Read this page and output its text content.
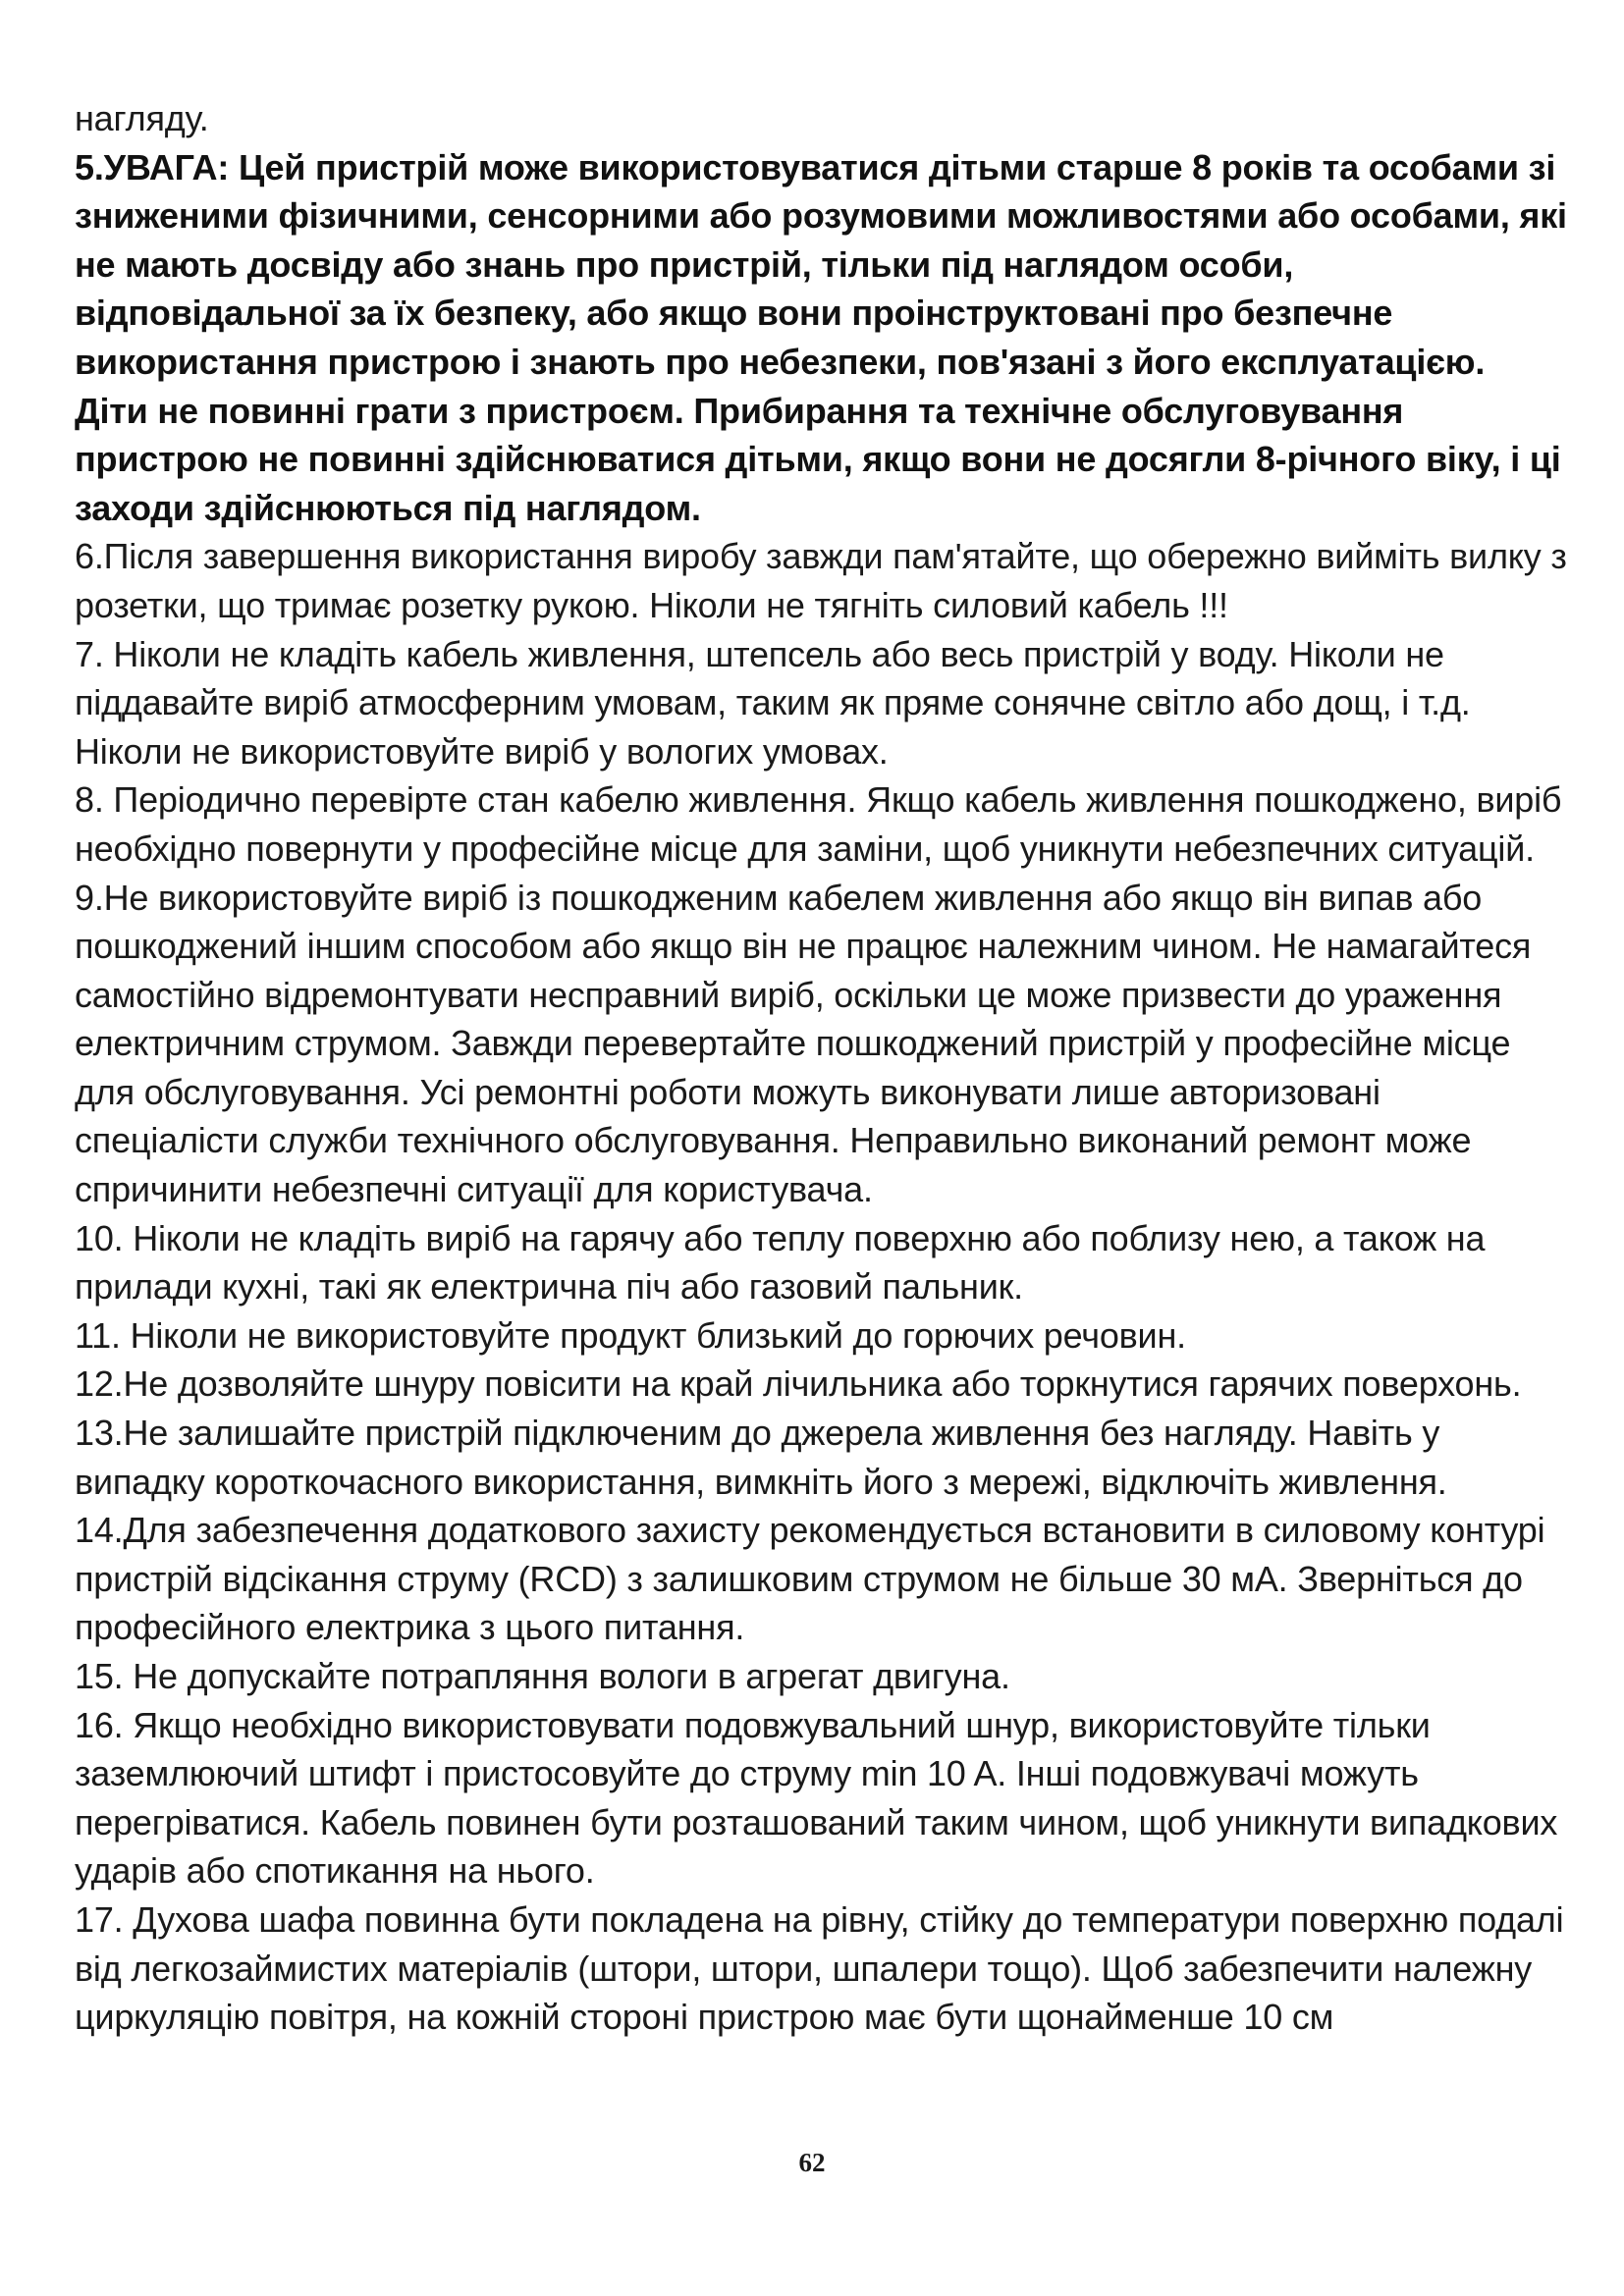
нагляду.

5.УВАГА: Цей пристрій може використовуватися дітьми старше 8 років та особами зі зниженими фізичними, сенсорними або розумовими можливостями або особами, які не мають досвіду або знань про пристрій, тільки під наглядом особи, відповідальної за їх безпеку, або якщо вони проінструктовані про безпечне використання пристрою і знають про небезпеки, пов'язані з його експлуатацією. Діти не повинні грати з пристроєм. Прибирання та технічне обслуговування пристрою не повинні здійснюватися дітьми, якщо вони не досягли 8-річного віку, і ці заходи здійснюються під наглядом.

6.Після завершення використання виробу завжди пам'ятайте, що обережно вийміть вилку з розетки, що тримає розетку рукою. Ніколи не тягніть силовий кабель !!!

7. Ніколи не кладіть кабель живлення, штепсель або весь пристрій у воду. Ніколи не піддавайте виріб атмосферним умовам, таким як пряме сонячне світло або дощ, і т.д. Ніколи не використовуйте виріб у вологих умовах.

8. Періодично перевірте стан кабелю живлення. Якщо кабель живлення пошкоджено, виріб необхідно повернути у професійне місце для заміни, щоб уникнути небезпечних ситуацій.

9.Не використовуйте виріб із пошкодженим кабелем живлення або якщо він випав або пошкоджений іншим способом або якщо він не працює належним чином. Не намагайтеся самостійно відремонтувати несправний виріб, оскільки це може призвести до ураження електричним струмом. Завжди перевертайте пошкоджений пристрій у професійне місце для обслуговування. Усі ремонтні роботи можуть виконувати лише авторизовані спеціалісти служби технічного обслуговування. Неправильно виконаний ремонт може спричинити небезпечні ситуації для користувача.

10. Ніколи не кладіть виріб на гарячу або теплу поверхню або поблизу нею, а також на прилади кухні, такі як електрична піч або газовий пальник.

11. Ніколи не використовуйте продукт близький до горючих речовин.

12.Не дозволяйте шнуру повісити на край лічильника або торкнутися гарячих поверхонь.

13.Не залишайте пристрій підключеним до джерела живлення без нагляду. Навіть у випадку короткочасного використання, вимкніть його з мережі, відключіть живлення.

14.Для забезпечення додаткового захисту рекомендується встановити в силовому контурі пристрій відсікання струму (RCD) з залишковим струмом не більше 30 мА. Зверніться до професійного електрика з цього питання.

15. Не допускайте потрапляння вологи в агрегат двигуна.

16. Якщо необхідно використовувати подовжувальний шнур, використовуйте тільки заземлюючий штифт і пристосовуйте до струму min 10 A. Інші подовжувачі можуть перегріватися. Кабель повинен бути розташований таким чином, щоб уникнути випадкових ударів або спотикання на нього.

17. Духова шафа повинна бути покладена на рівну, стійку до температури поверхню подалі від легкозаймистих матеріалів (штори, штори, шпалери тощо). Щоб забезпечити належну циркуляцію повітря, на кожній стороні пристрою має бути щонайменше 10 см

62
